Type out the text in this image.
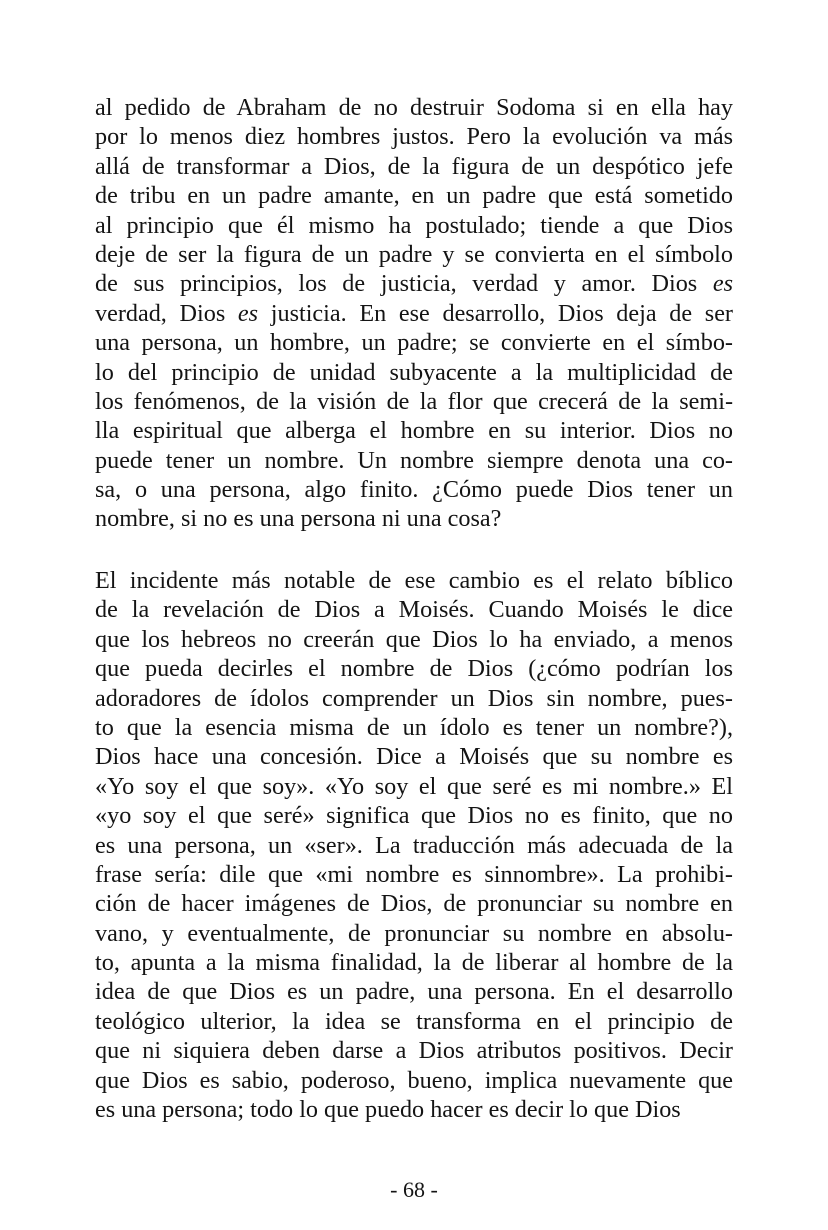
al pedido de Abraham de no destruir Sodoma si en ella hay
por lo menos diez hombres justos. Pero la evolución va más
allá de transformar a Dios, de la figura de un despótico jefe
de tribu en un padre amante, en un padre que está sometido
al principio que él mismo ha postulado; tiende a que Dios
deje de ser la figura de un padre y se convierta en el símbolo
de sus principios, los de justicia, verdad y amor. Dios es
verdad, Dios es justicia. En ese desarrollo, Dios deja de ser
una persona, un hombre, un padre; se convierte en el símbo-
lo del principio de unidad subyacente a la multiplicidad de
los fenómenos, de la visión de la flor que crecerá de la semi-
lla espiritual que alberga el hombre en su interior. Dios no
puede tener un nombre. Un nombre siempre denota una co-
sa, o una persona, algo finito. ¿Cómo puede Dios tener un
nombre, si no es una persona ni una cosa?
El incidente más notable de ese cambio es el relato bíblico
de la revelación de Dios a Moisés. Cuando Moisés le dice
que los hebreos no creerán que Dios lo ha enviado, a menos
que pueda decirles el nombre de Dios (¿cómo podrían los
adoradores de ídolos comprender un Dios sin nombre, pues-
to que la esencia misma de un ídolo es tener un nombre?),
Dios hace una concesión. Dice a Moisés que su nombre es
«Yo soy el que soy». «Yo soy el que seré es mi nombre.» El
«yo soy el que seré» significa que Dios no es finito, que no
es una persona, un «ser». La traducción más adecuada de la
frase sería: dile que «mi nombre es sinnombre». La prohibi-
ción de hacer imágenes de Dios, de pronunciar su nombre en
vano, y eventualmente, de pronunciar su nombre en absolu-
to, apunta a la misma finalidad, la de liberar al hombre de la
idea de que Dios es un padre, una persona. En el desarrollo
teológico ulterior, la idea se transforma en el principio de
que ni siquiera deben darse a Dios atributos positivos. Decir
que Dios es sabio, poderoso, bueno, implica nuevamente que
es una persona; todo lo que puedo hacer es decir lo que Dios
- 68 -
